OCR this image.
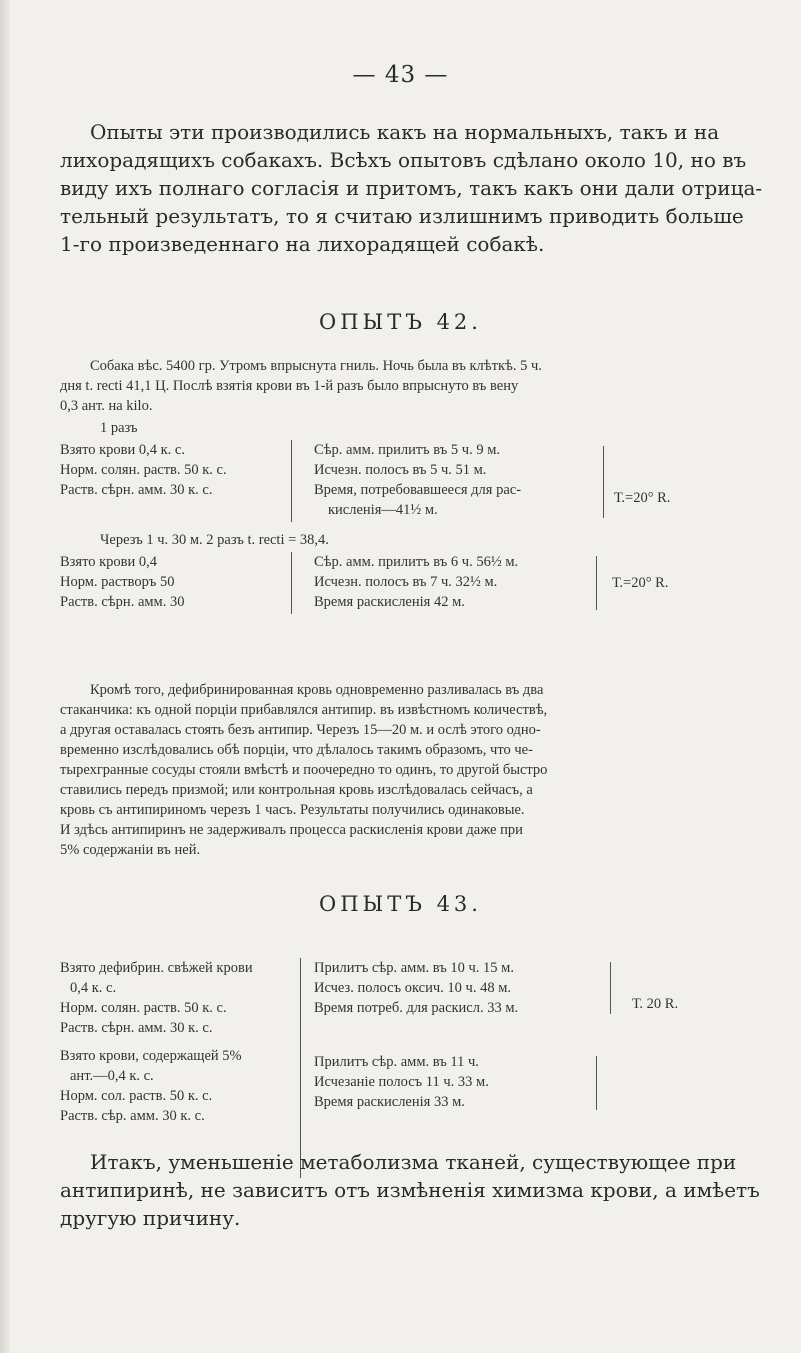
— 43 —

Опыты эти производились какъ на нормальныхъ, такъ и на

лихорадящихъ собакахъ. Всѣхъ опытовъ сдѣлано около 10, но въ

виду ихъ полнаго согласія и притомъ, такъ какъ они дали отрица-

тельный результатъ, то я считаю излишнимъ приводить больше

1-го произведеннаго на лихорадящей собакѣ.

ОПЫТЪ 42.

Собака вѣс. 5400 гр. Утромъ впрыснута гниль. Ночь была въ клѣткѣ. 5 ч.

дня t. recti 41,1 Ц. Послѣ взятія крови въ 1-й разъ было впрыснуто въ вену

0,3 ант. на kilo.

1 разъ

Взято крови 0,4 к. с.

Норм. солян. раств. 50 к. с.

Раств. сѣрн. амм. 30 к. с.

Сѣр. амм. прилитъ въ 5 ч. 9 м.

Исчезн. полосъ въ 5 ч. 51 м.

Время, потребовавшееся для рас-

кисленія—41½ м.

Т.=20° R.
Черезъ 1 ч. 30 м. 2 разъ t. recti = 38,4.

Взято крови 0,4

Норм. растворъ 50

Раств. сѣрн. амм. 30

Сѣр. амм. прилитъ въ 6 ч. 56½ м.

Исчезн. полосъ въ 7 ч. 32½ м.

Время раскисленія 42 м.

Т.=20° R.

Кромѣ того, дефибринированная кровь одновременно разливалась въ два

стаканчика: къ одной порціи прибавлялся антипир. въ извѣстномъ количествѣ,

а другая оставалась стоять безъ антипир. Черезъ 15—20 м. и ослѣ этого одно-

временно изслѣдовались обѣ порціи, что дѣлалось такимъ образомъ, что че-

тырехгранные сосуды стояли вмѣстѣ и поочередно то одинъ, то другой быстро

ставились передъ призмой; или контрольная кровь изслѣдовалась сейчасъ, а

кровь съ антипириномъ черезъ 1 часъ. Результаты получились одинаковые.

И здѣсь антипиринъ не задерживалъ процесса раскисленія крови даже при

5% содержаніи въ ней.

ОПЫТЪ 43.

Взято дефибрин. свѣжей крови

0,4 к. с.

Норм. солян. раств. 50 к. с.

Раств. сѣрн. амм. 30 к. с.

Прилитъ сѣр. амм. въ 10 ч. 15 м.

Исчез. полосъ оксич. 10 ч. 48 м.

Время потреб. для раскисл. 33 м.	Т. 20 R.

Взято крови, содержащей 5%

ант.—0,4 к. с.

Норм. сол. раств. 50 к. с.

Раств. сѣр. амм. 30 к. с.

Прилитъ сѣр. амм. въ 11 ч.

Исчезаніе полосъ 11 ч. 33 м.

Время раскисленія 33 м.

Итакъ, уменьшеніе метаболизма тканей, существующее при

антипиринѣ, не зависитъ отъ измѣненія химизма крови, а имѣетъ

другую причину.
